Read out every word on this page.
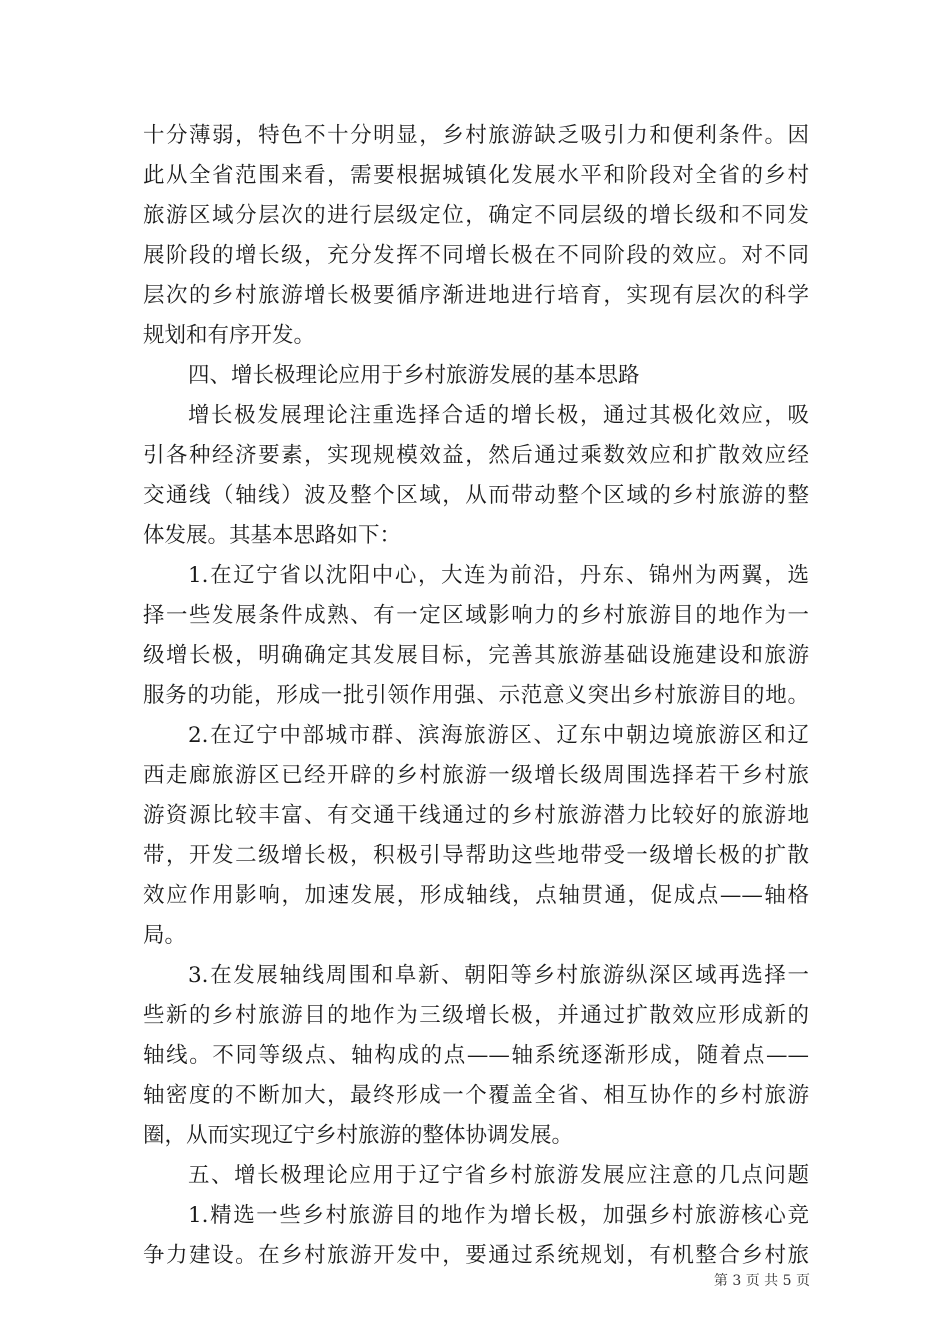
十分薄弱，特色不十分明显，乡村旅游缺乏吸引力和便利条件。因
此从全省范围来看，需要根据城镇化发展水平和阶段对全省的乡村
旅游区域分层次的进行层级定位，确定不同层级的增长级和不同发
展阶段的增长级，充分发挥不同增长极在不同阶段的效应。对不同
层次的乡村旅游增长极要循序渐进地进行培育，实现有层次的科学
规划和有序开发。
四、增长极理论应用于乡村旅游发展的基本思路
增长极发展理论注重选择合适的增长极，通过其极化效应，吸
引各种经济要素，实现规模效益，然后通过乘数效应和扩散效应经
交通线（轴线）波及整个区域，从而带动整个区域的乡村旅游的整
体发展。其基本思路如下：
1.在辽宁省以沈阳中心，大连为前沿，丹东、锦州为两翼，选
择一些发展条件成熟、有一定区域影响力的乡村旅游目的地作为一
级增长极，明确确定其发展目标，完善其旅游基础设施建设和旅游
服务的功能，形成一批引领作用强、示范意义突出乡村旅游目的地。
2.在辽宁中部城市群、滨海旅游区、辽东中朝边境旅游区和辽
西走廊旅游区已经开辟的乡村旅游一级增长级周围选择若干乡村旅
游资源比较丰富、有交通干线通过的乡村旅游潜力比较好的旅游地
带，开发二级增长极，积极引导帮助这些地带受一级增长极的扩散
效应作用影响，加速发展，形成轴线，点轴贯通，促成点——轴格
局。
3.在发展轴线周围和阜新、朝阳等乡村旅游纵深区域再选择一
些新的乡村旅游目的地作为三级增长极，并通过扩散效应形成新的
轴线。不同等级点、轴构成的点——轴系统逐渐形成，随着点——
轴密度的不断加大，最终形成一个覆盖全省、相互协作的乡村旅游
圈，从而实现辽宁乡村旅游的整体协调发展。
五、增长极理论应用于辽宁省乡村旅游发展应注意的几点问题
1.精选一些乡村旅游目的地作为增长极，加强乡村旅游核心竞
争力建设。在乡村旅游开发中，要通过系统规划，有机整合乡村旅
第 3 页 共 5 页
